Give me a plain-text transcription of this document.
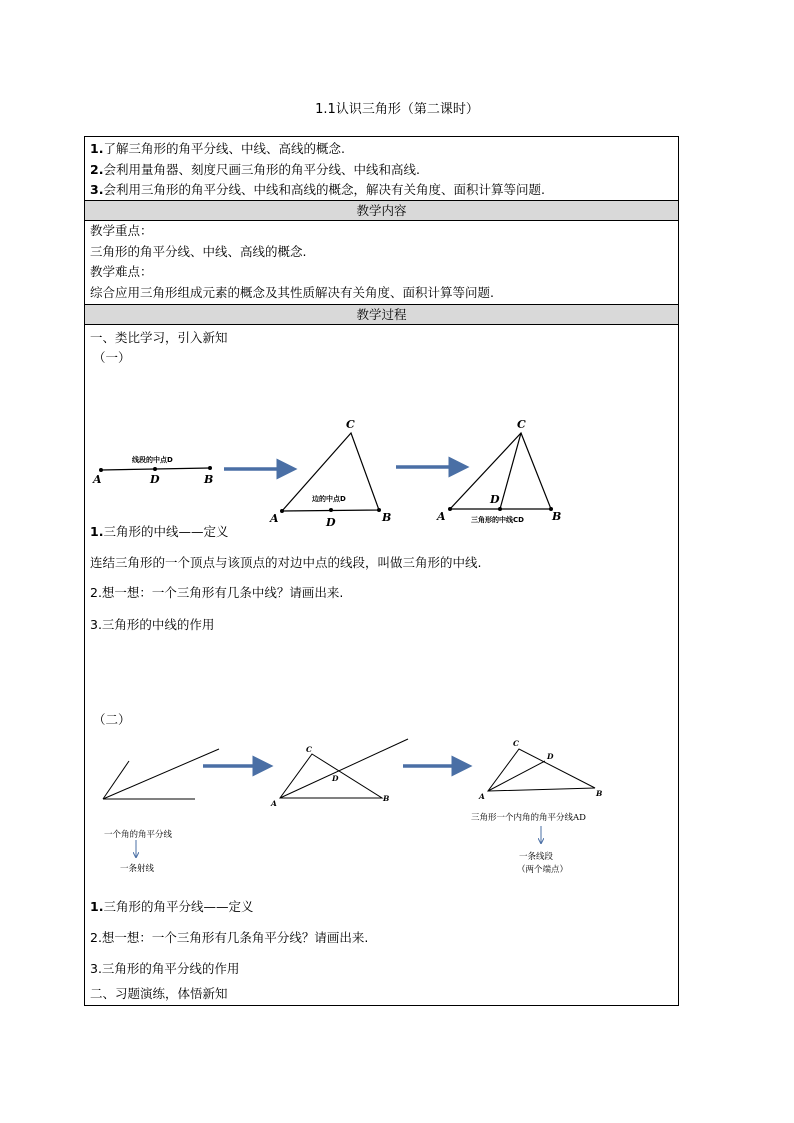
1.1认识三角形（第二课时）
1.了解三角形的角平分线、中线、高线的概念.
2.会利用量角器、刻度尺画三角形的角平分线、中线和高线.
3.会利用三角形的角平分线、中线和高线的概念，解决有关角度、面积计算等问题.
教学内容
教学重点：
三角形的角平分线、中线、高线的概念.
教学难点：
综合应用三角形组成元素的概念及其性质解决有关角度、面积计算等问题.
教学过程
一、类比学习，引入新知
（一）
线段的中点D
A	D	B
C
A	B
D
边的中点D
C
D
A	B
三角形的中线CD
1.三角形的中线——定义
连结三角形的一个顶点与该顶点的对边中点的线段，叫做三角形的中线.
2.想一想：一个三角形有几条中线？请画出来.
3.三角形的中线的作用
（二）
一个角的角平分线
一条射线
C
D
A
B
C
D
A	B
三角形一个内角的角平分线AD
一条线段
（两个端点）
1.三角形的角平分线——定义
2.想一想：一个三角形有几条角平分线？请画出来.
3.三角形的角平分线的作用
二、习题演练，体悟新知
